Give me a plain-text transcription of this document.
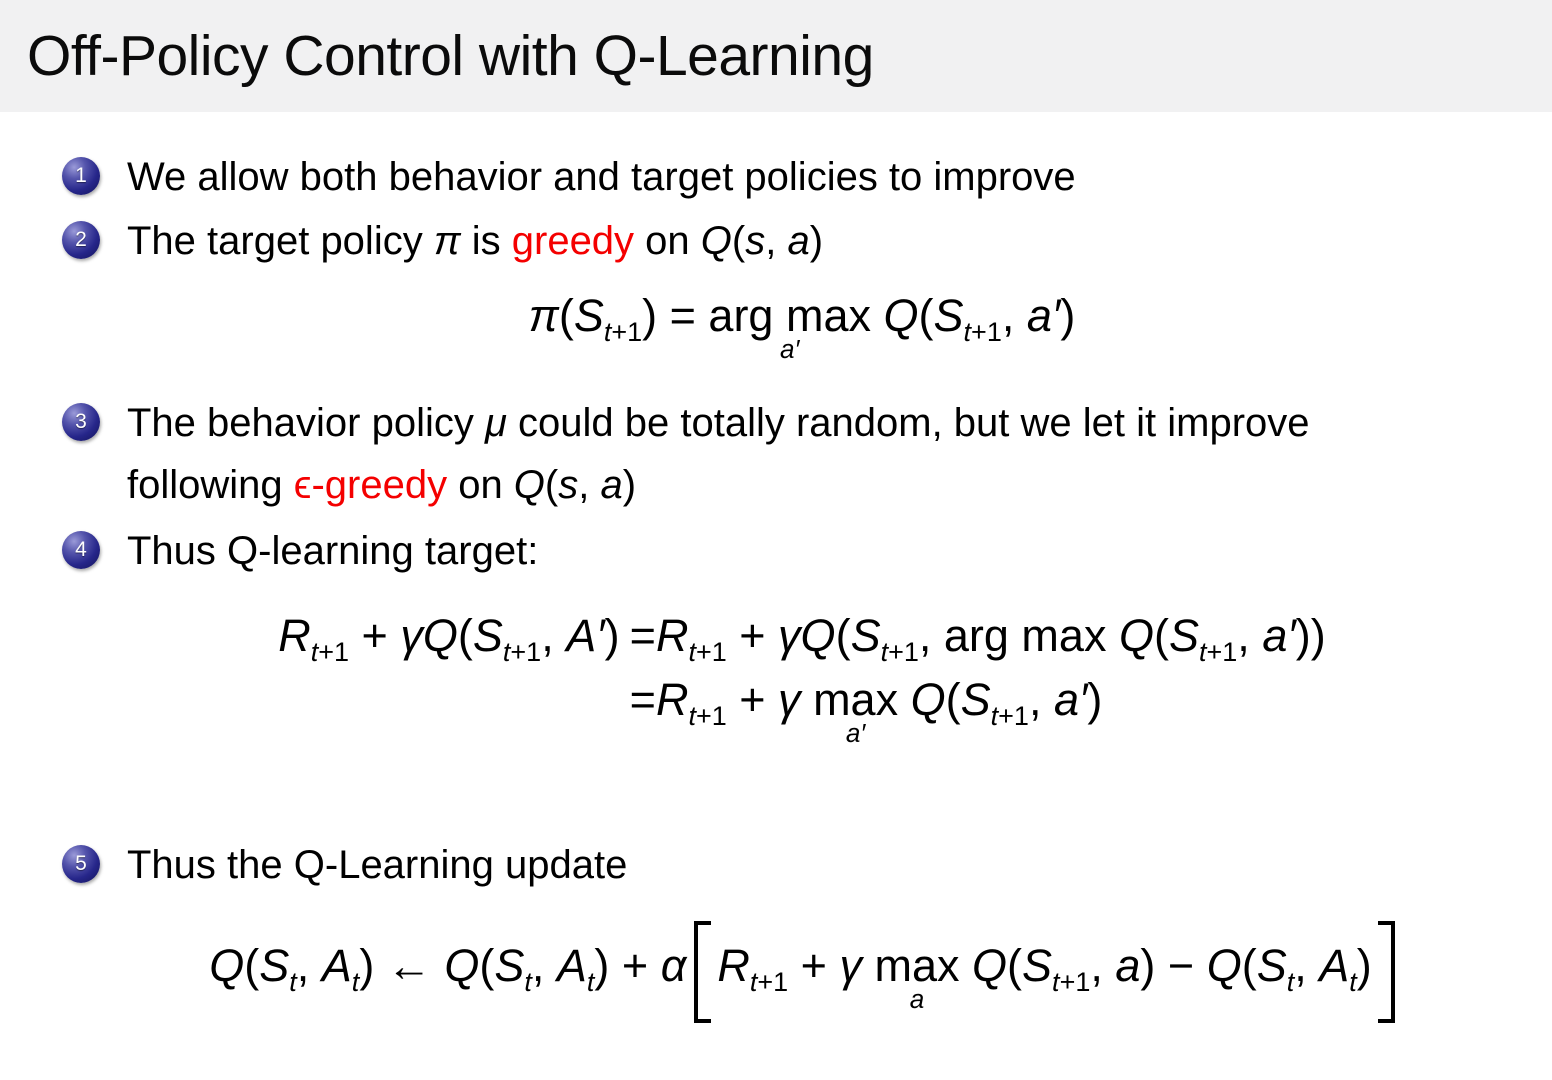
Off-Policy Control with Q-Learning
1 We allow both behavior and target policies to improve
2 The target policy π is greedy on Q(s, a)
$\pi(S_{t+1})$ = arg max
a′
$Q(S_{t+1}$, a′)
3 The behavior policy μ could be totally random, but we let it improve
following ϵ-greedy on Q(s, a)
4 Thus Q-learning target:
$R_{t+1} + \gamma Q(S_{t+1}$, $A') =R_{t+1} + \gamma Q(S_{t+1}$, arg $\max Q(S_{t+1}$, a′))
$=R_{t+1} + \gamma$ max
a′
$Q(S_{t+1}$, a′)
5 Thus the Q-Learning update
$Q(S_t$, $A_t$) ← $Q(S_t$, $A_t) + \alpha$ $R_{t+1} + \gamma$ max
a
$Q(S_{t+1}$, $a) - Q(S_t$, $A_t$)
